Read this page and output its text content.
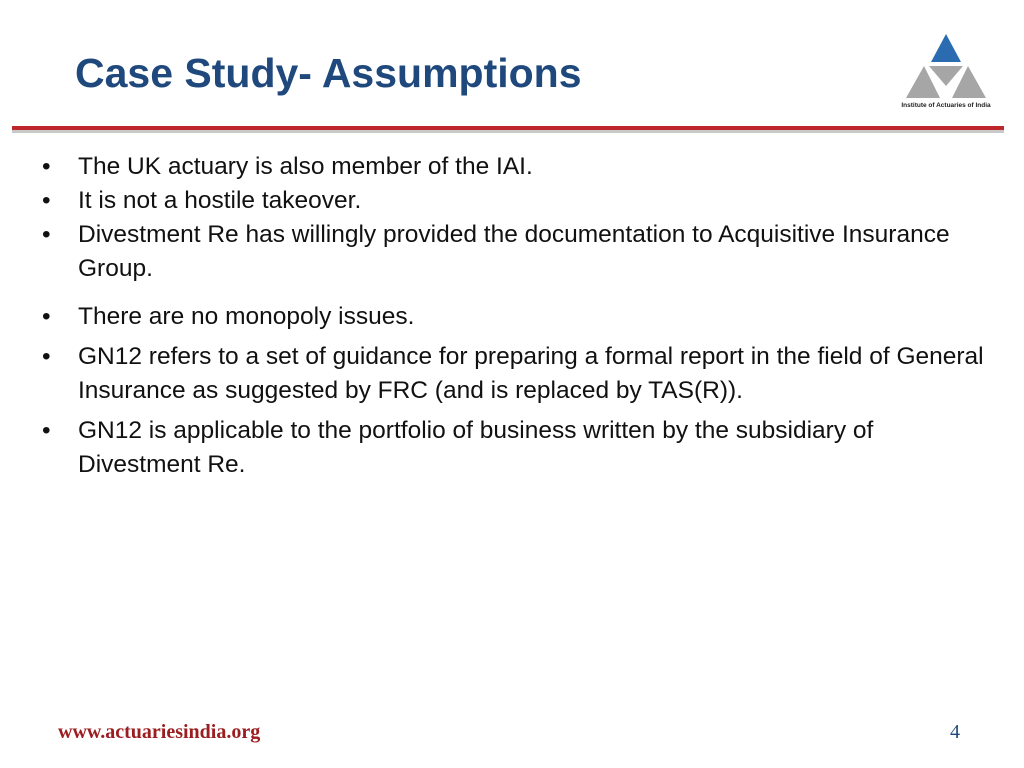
Case Study- Assumptions
Institute of Actuaries of India
• The UK actuary is also member of the IAI.
• It is not a hostile takeover.
• Divestment Re has willingly provided the documentation to Acquisitive Insurance Group.
• There are no monopoly issues.
• GN12 refers to a set of guidance for preparing a formal report in the field of General Insurance as suggested by FRC (and is replaced by TAS(R)).
• GN12 is applicable to the portfolio of business written by the subsidiary of Divestment Re.
www.actuariesindia.org	4
